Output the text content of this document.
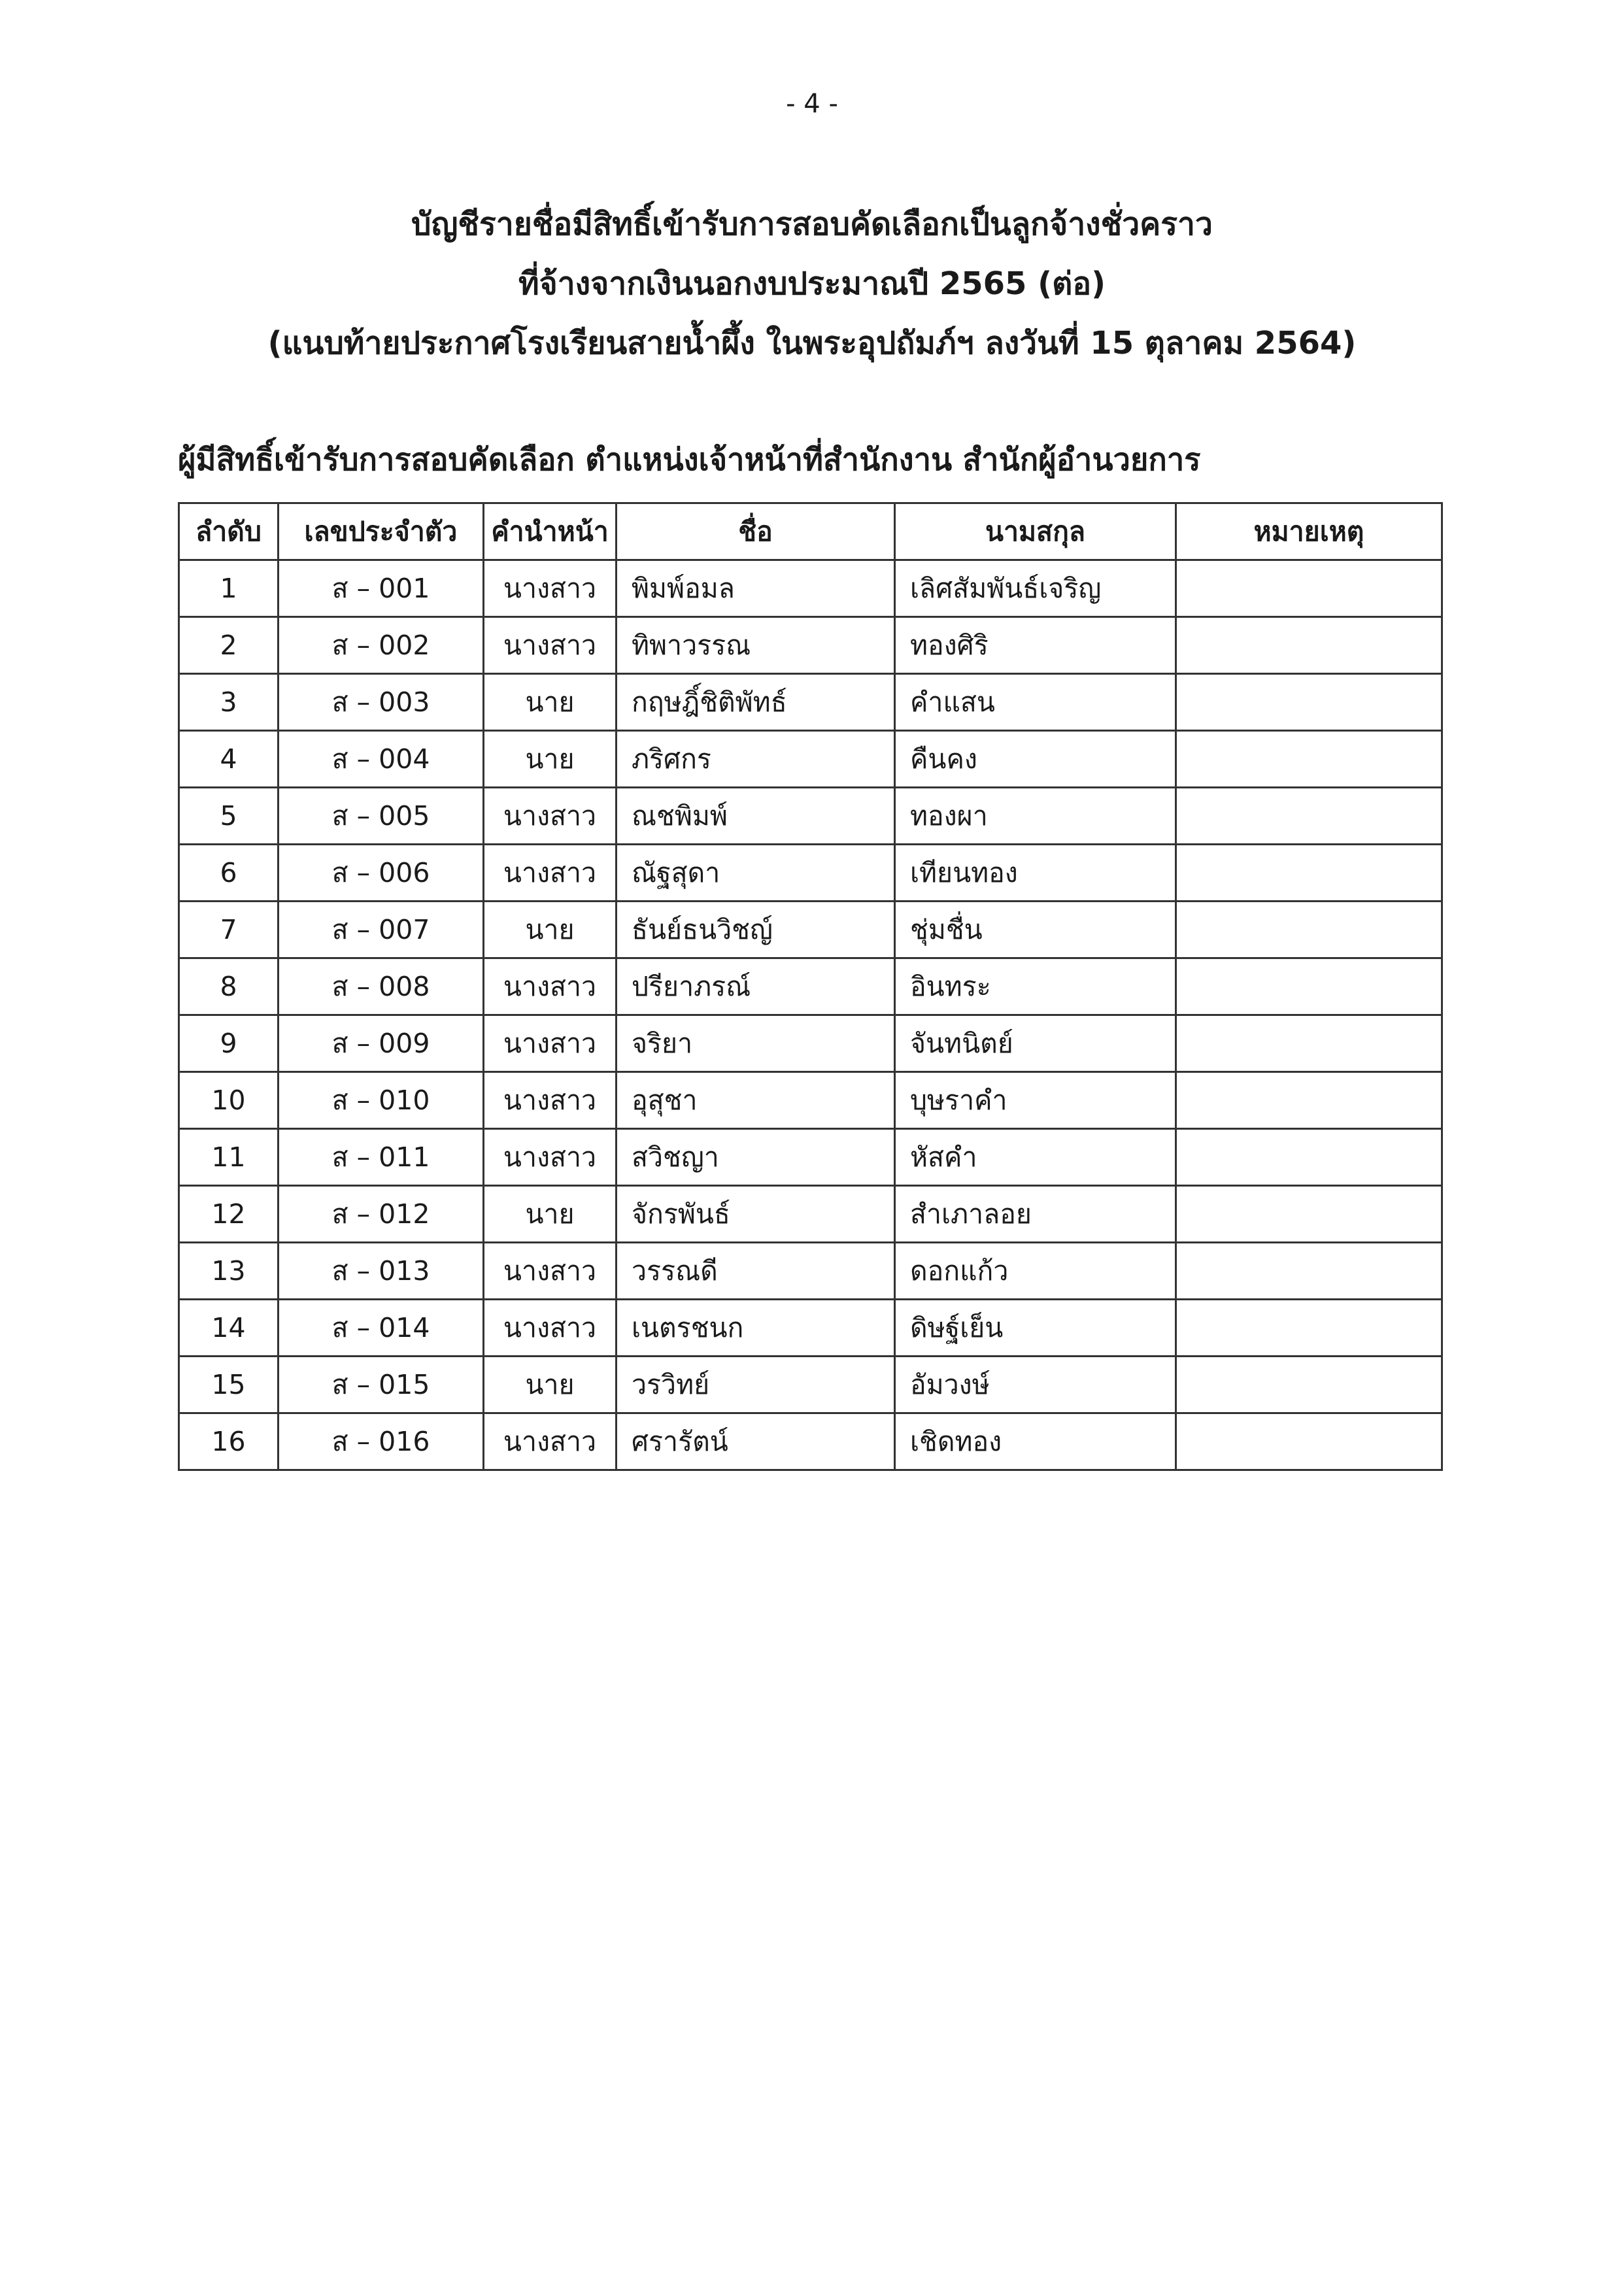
- 4 -
บัญชีรายชื่อมีสิทธิ์เข้ารับการสอบคัดเลือกเป็นลูกจ้างชั่วคราว
ที่จ้างจากเงินนอกงบประมาณปี 2565 (ต่อ)
(แนบท้ายประกาศโรงเรียนสายน้ำผึ้ง ในพระอุปถัมภ์ฯ ลงวันที่ 15 ตุลาคม 2564)
ผู้มีสิทธิ์เข้ารับการสอบคัดเลือก ตำแหน่งเจ้าหน้าที่สำนักงาน สำนักผู้อำนวยการ
ลำดับ	เลขประจำตัว	คำนำหน้า	ชื่อ	นามสกุล	หมายเหตุ
1	ส – 001	นางสาว	พิมพ์อมล	เลิศสัมพันธ์เจริญ	
2	ส – 002	นางสาว	ทิพาวรรณ	ทองศิริ	
3	ส – 003	นาย	กฤษฎิ์ชิติพัทธ์	คำแสน	
4	ส – 004	นาย	ภริศกร	คืนคง	
5	ส – 005	นางสาว	ณชพิมพ์	ทองผา	
6	ส – 006	นางสาว	ณัฐสุดา	เทียนทอง	
7	ส – 007	นาย	ธันย์ธนวิชญ์	ชุ่มชื่น	
8	ส – 008	นางสาว	ปรียาภรณ์	อินทระ	
9	ส – 009	นางสาว	จริยา	จันทนิตย์	
10	ส – 010	นางสาว	อุสุชา	บุษราคำ	
11	ส – 011	นางสาว	สวิชญา	หัสคำ	
12	ส – 012	นาย	จักรพันธ์	สำเภาลอย	
13	ส – 013	นางสาว	วรรณดี	ดอกแก้ว	
14	ส – 014	นางสาว	เนตรชนก	ดิษฐ์เย็น	
15	ส – 015	นาย	วรวิทย์	อัมวงษ์	
16	ส – 016	นางสาว	ศรารัตน์	เชิดทอง	
